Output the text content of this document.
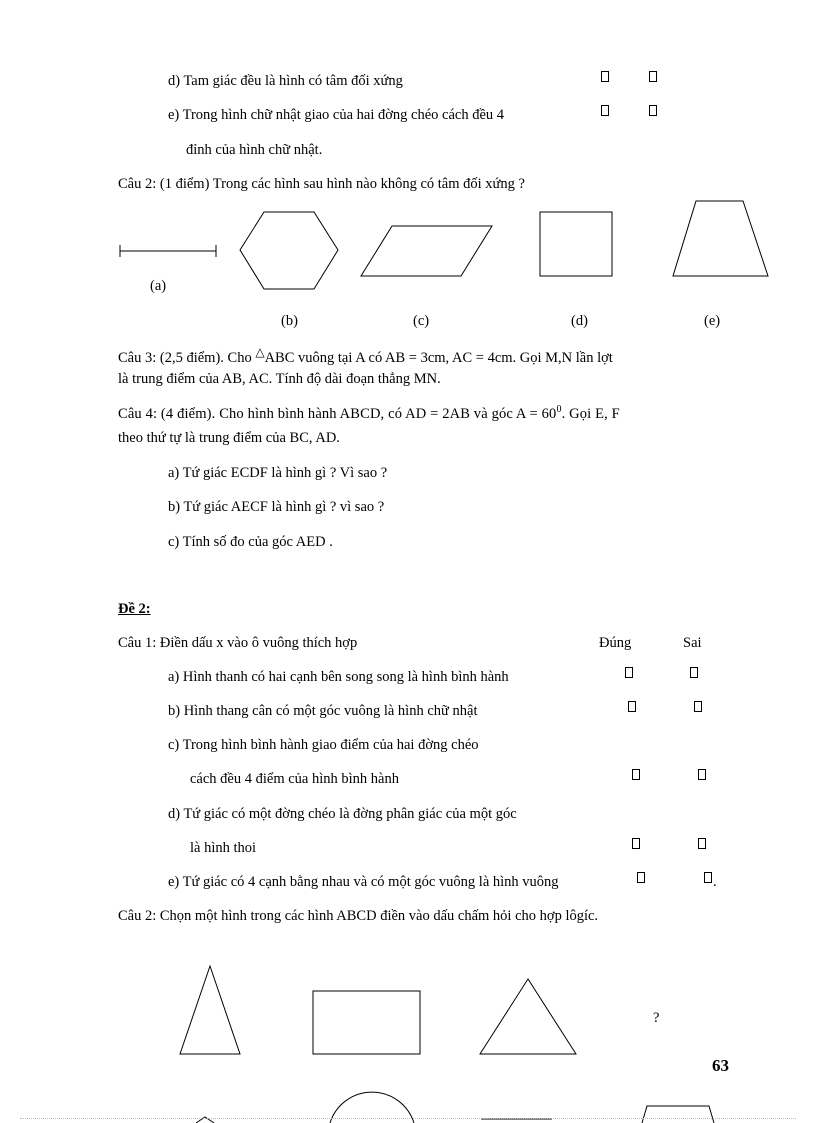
d) Tam giác đều là hình có tâm đối xứng
e) Trong hình chữ nhật giao của hai đờng chéo cách đều 4
đỉnh của hình chữ nhật.
Câu 2: (1 điểm) Trong các hình sau hình nào không có tâm đối xứng ?
(a)
(b)	(c)	(d)	(e)
Câu 3: (2,5 điểm). Cho △ABC vuông tại A có AB = 3cm, AC = 4cm. Gọi M,N lần lợt
là trung điểm của AB, AC. Tính độ dài đoạn thẳng MN.
Câu 4: (4 điểm). Cho hình bình hành ABCD, có AD = 2AB và góc $A = 60^0$. Gọi E, F
theo thứ tự là trung điểm của BC, AD.
a) Tứ giác ECDF là hình gì ? Vì sao ?
b) Tứ giác AECF là hình gì ? vì sao ?
c) Tính số đo của góc AED .
Đề 2:
Câu 1: Điền dấu x vào ô vuông thích hợp	Đúng	Sai
a) Hình thanh có hai cạnh bên song song là hình bình hành
b) Hình thang cân có một góc vuông là hình chữ nhật
c) Trong hình bình hành giao điểm của hai đờng chéo
cách đều 4 điểm của hình bình hành
d) Tứ giác có một đờng chéo là đờng phân giác của một góc
là hình thoi
e) Tứ giác có 4 cạnh bằng nhau và có một góc vuông là hình vuông	.
Câu 2: Chọn một hình trong các hình ABCD điền vào dấu chấm hỏi cho hợp lôgíc.
?
63
